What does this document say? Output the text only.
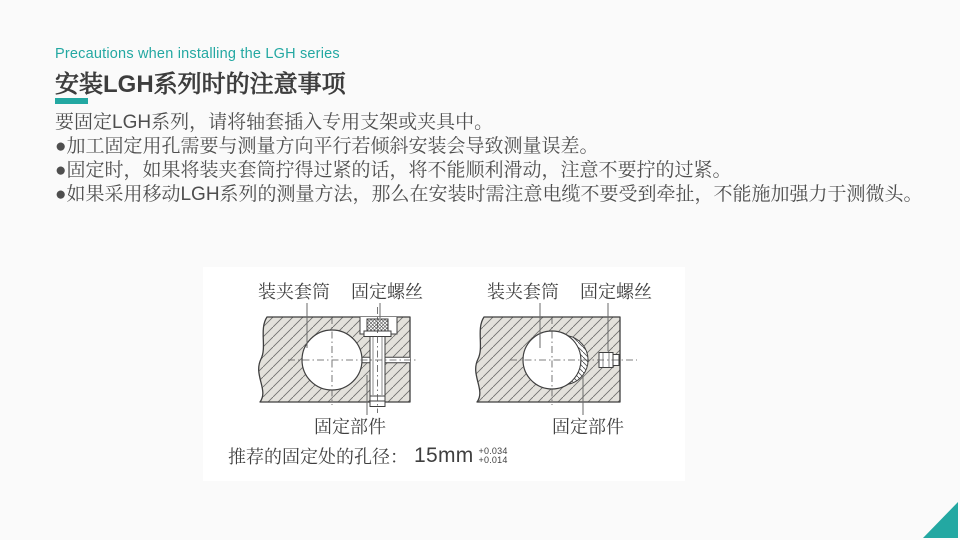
Precautions when installing the LGH series
安装LGH系列时的注意事项
要固定LGH系列，请将轴套插入专用支架或夹具中。
●加工固定用孔需要与测量方向平行若倾斜安装会导致测量误差。
●固定时，如果将装夹套筒拧得过紧的话，将不能顺利滑动，注意不要拧的过紧。
●如果采用移动LGH系列的测量方法，那么在安装时需注意电缆不要受到牵扯，不能施加强力于测微头。
装夹套筒 固定螺丝
固定部件
装夹套筒 固定螺丝
固定部件
推荐的固定处的孔径： 15mm +0.034
+0.014
